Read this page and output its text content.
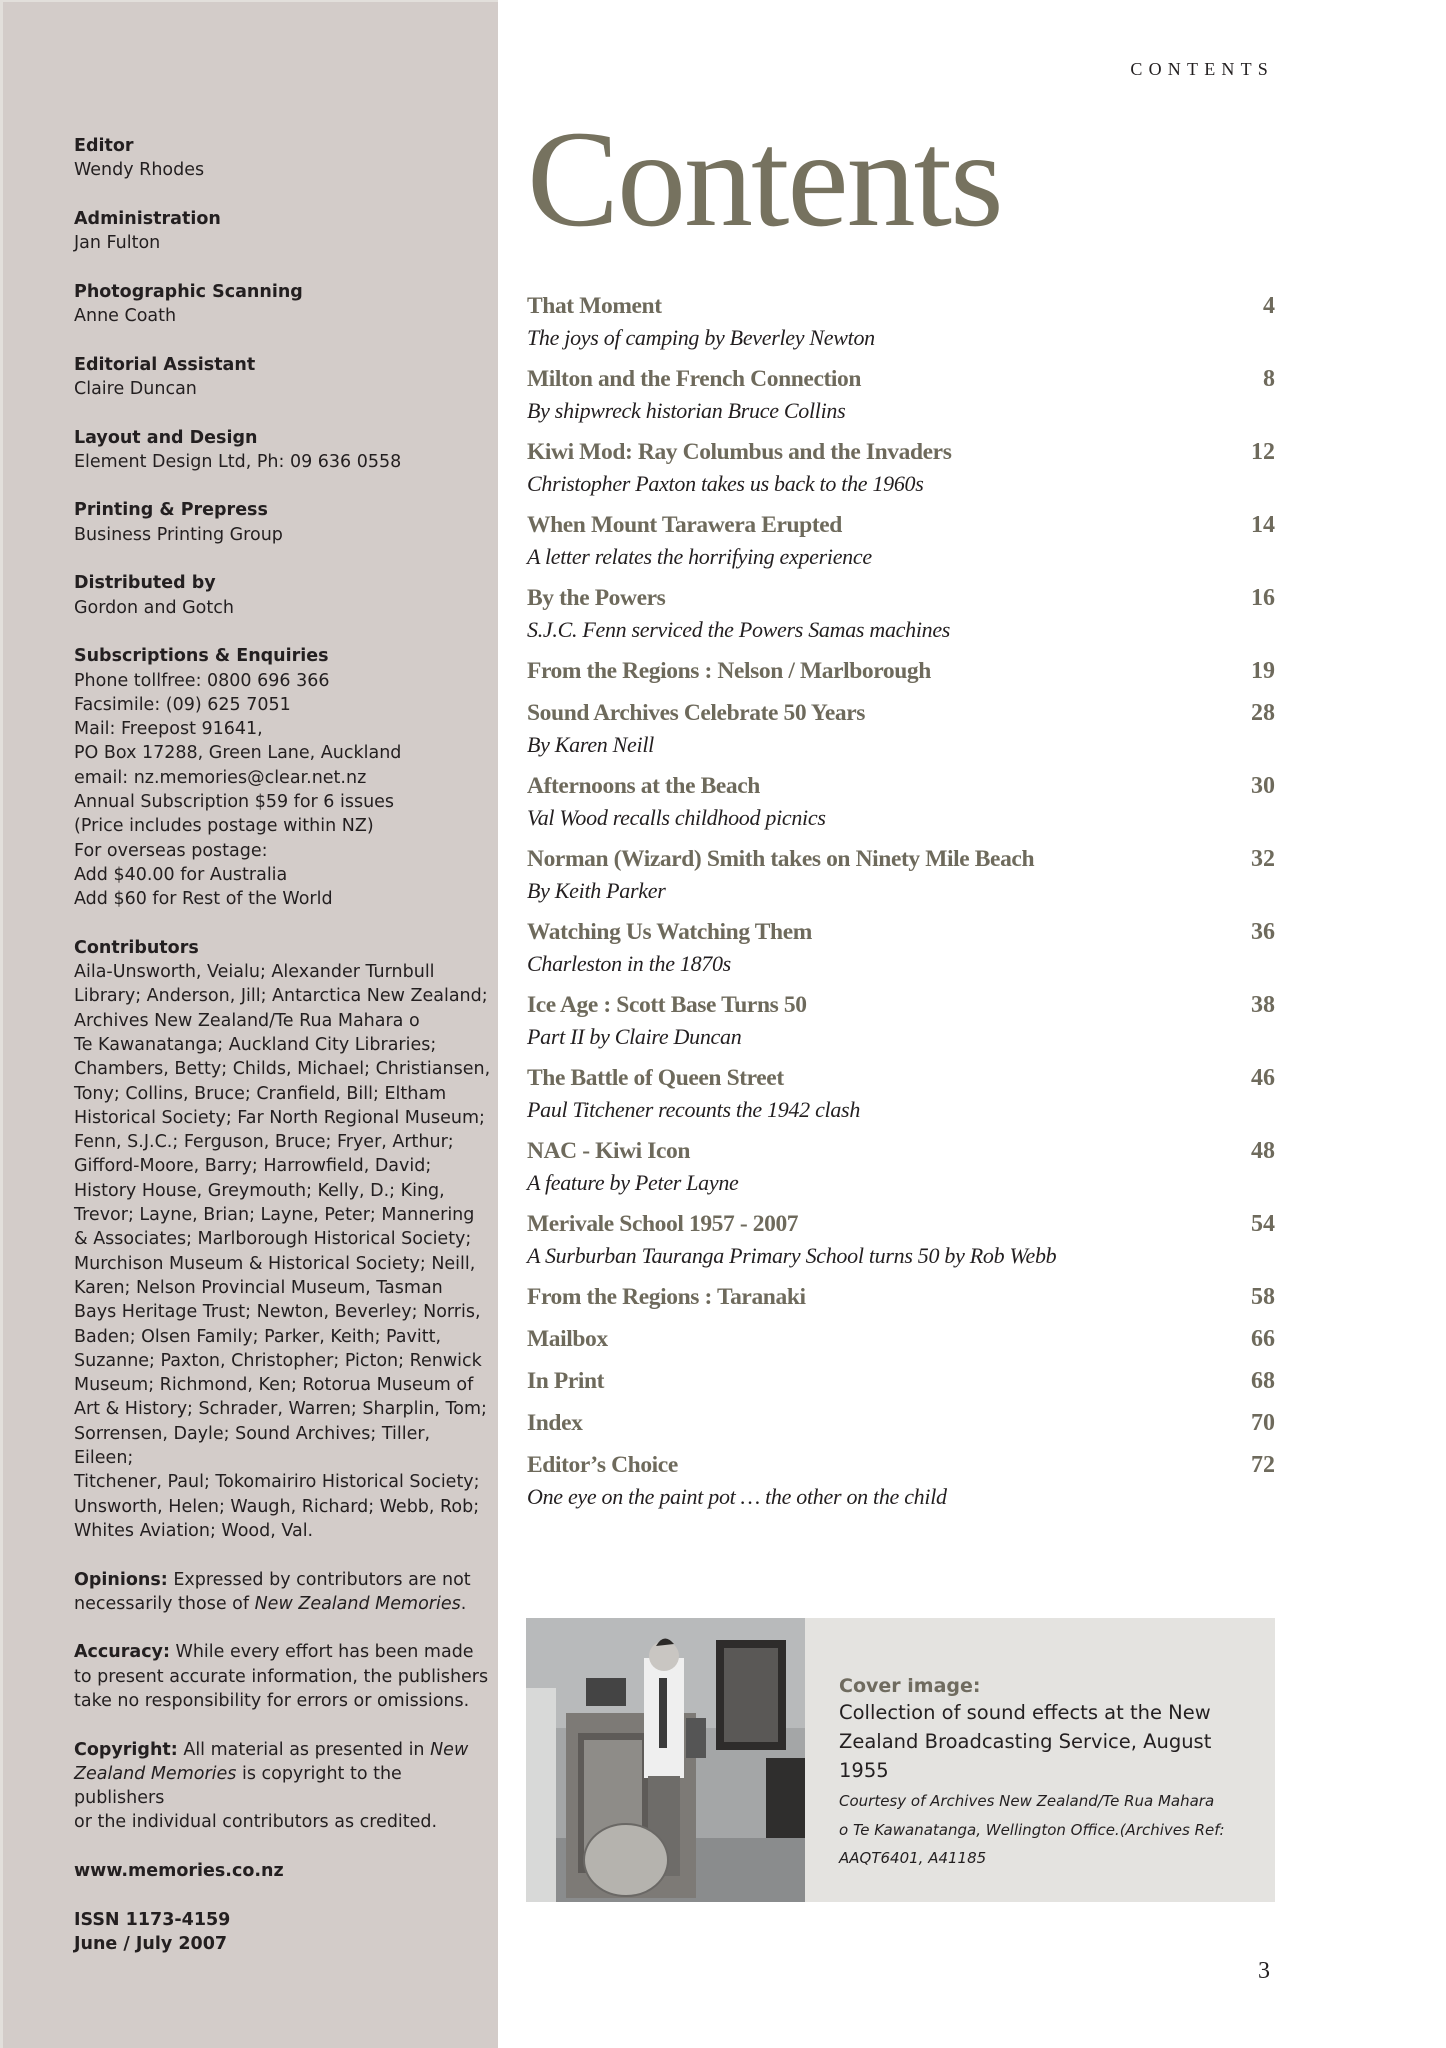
Editor
Wendy Rhodes
Administration
Jan Fulton
Photographic Scanning
Anne Coath
Editorial Assistant
Claire Duncan
Layout and Design
Element Design Ltd, Ph: 09 636 0558
Printing & Prepress
Business Printing Group
Distributed by
Gordon and Gotch
Subscriptions & Enquiries
Phone tollfree: 0800 696 366
Facsimile: (09) 625 7051
Mail: Freepost 91641,
PO Box 17288, Green Lane, Auckland
email: nz.memories@clear.net.nz
Annual Subscription $59 for 6 issues
(Price includes postage within NZ)
For overseas postage:
Add $40.00 for Australia
Add $60 for Rest of the World
Contributors
Aila-Unsworth, Veialu; Alexander Turnbull
Library; Anderson, Jill; Antarctica New Zealand;
Archives New Zealand/Te Rua Mahara o
Te Kawanatanga; Auckland City Libraries;
Chambers, Betty; Childs, Michael; Christiansen,
Tony; Collins, Bruce; Cranfield, Bill; Eltham
Historical Society; Far North Regional Museum;
Fenn, S.J.C.; Ferguson, Bruce; Fryer, Arthur;
Gifford-Moore, Barry; Harrowfield, David;
History House, Greymouth; Kelly, D.; King,
Trevor; Layne, Brian; Layne, Peter; Mannering
& Associates; Marlborough Historical Society;
Murchison Museum & Historical Society; Neill,
Karen; Nelson Provincial Museum, Tasman
Bays Heritage Trust; Newton, Beverley; Norris,
Baden; Olsen Family; Parker, Keith; Pavitt,
Suzanne; Paxton, Christopher; Picton; Renwick
Museum; Richmond, Ken; Rotorua Museum of
Art & History; Schrader, Warren; Sharplin, Tom;
Sorrensen, Dayle; Sound Archives; Tiller, Eileen;
Titchener, Paul; Tokomairiro Historical Society;
Unsworth, Helen; Waugh, Richard; Webb, Rob;
Whites Aviation; Wood, Val.
Opinions: Expressed by contributors are not
necessarily those of New Zealand Memories.
Accuracy: While every effort has been made
to present accurate information, the publishers
take no responsibility for errors or omissions.
Copyright: All material as presented in New
Zealand Memories is copyright to the publishers
or the individual contributors as credited.
www.memories.co.nz
ISSN 1173-4159
June / July 2007
CONTENTS
Contents
That Moment	4
The joys of camping by Beverley Newton
Milton and the French Connection	8
By shipwreck historian Bruce Collins
Kiwi Mod: Ray Columbus and the Invaders	12
Christopher Paxton takes us back to the 1960s
When Mount Tarawera Erupted	14
A letter relates the horrifying experience
By the Powers	16
S.J.C. Fenn serviced the Powers Samas machines
From the Regions : Nelson / Marlborough	19
Sound Archives Celebrate 50 Years	28
By Karen Neill
Afternoons at the Beach	30
Val Wood recalls childhood picnics
Norman (Wizard) Smith takes on Ninety Mile Beach	32
By Keith Parker
Watching Us Watching Them	36
Charleston in the 1870s
Ice Age : Scott Base Turns 50	38
Part II by Claire Duncan
The Battle of Queen Street	46
Paul Titchener recounts the 1942 clash
NAC - Kiwi Icon	48
A feature by Peter Layne
Merivale School 1957 - 2007	54
A Surburban Tauranga Primary School turns 50 by Rob Webb
From the Regions : Taranaki	58
Mailbox	66
In Print	68
Index	70
Editor’s Choice	72
One eye on the paint pot … the other on the child
Cover image:
Collection of sound effects at the New
Zealand Broadcasting Service, August
1955
Courtesy of Archives New Zealand/Te Rua Mahara
o Te Kawanatanga, Wellington Office.(Archives Ref:
AAQT6401, A41185
3
